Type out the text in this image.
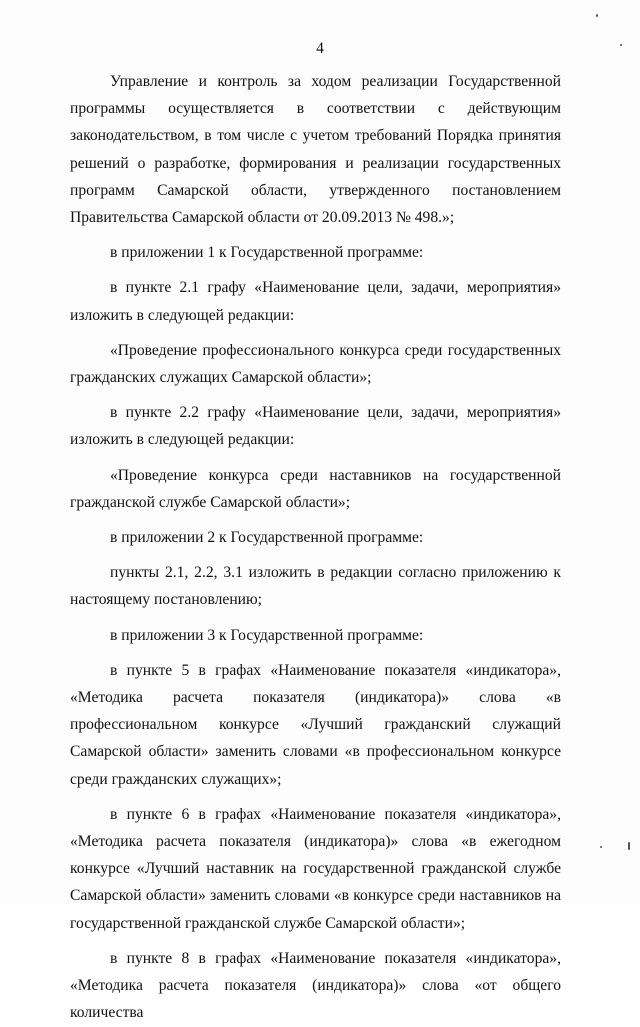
4

Управление и контроль за ходом реализации Государственной программы осуществляется в соответствии с действующим законодательством, в том числе с учетом требований Порядка принятия решений о разработке, формирования и реализации государственных программ Самарской области, утвержденного постановлением Правительства Самарской области от 20.09.2013 № 498.»;

в приложении 1 к Государственной программе:

в пункте 2.1 графу «Наименование цели, задачи, мероприятия» изложить в следующей редакции:

«Проведение профессионального конкурса среди государственных гражданских служащих Самарской области»;

в пункте 2.2 графу «Наименование цели, задачи, мероприятия» изложить в следующей редакции:

«Проведение конкурса среди наставников на государственной гражданской службе Самарской области»;

в приложении 2 к Государственной программе:

пункты 2.1, 2.2, 3.1 изложить в редакции согласно приложению к настоящему постановлению;

в приложении 3 к Государственной программе:

в пункте 5 в графах «Наименование показателя «индикатора», «Методика расчета показателя (индикатора)» слова «в профессиональном конкурсе «Лучший гражданский служащий Самарской области» заменить словами «в профессиональном конкурсе среди гражданских служащих»;

в пункте 6 в графах «Наименование показателя «индикатора», «Методика расчета показателя (индикатора)» слова «в ежегодном конкурсе «Лучший наставник на государственной гражданской службе Самарской области» заменить словами «в конкурсе среди наставников на государственной гражданской службе Самарской области»;

в пункте 8 в графах «Наименование показателя «индикатора», «Методика расчета показателя (индикатора)» слова «от общего количества
